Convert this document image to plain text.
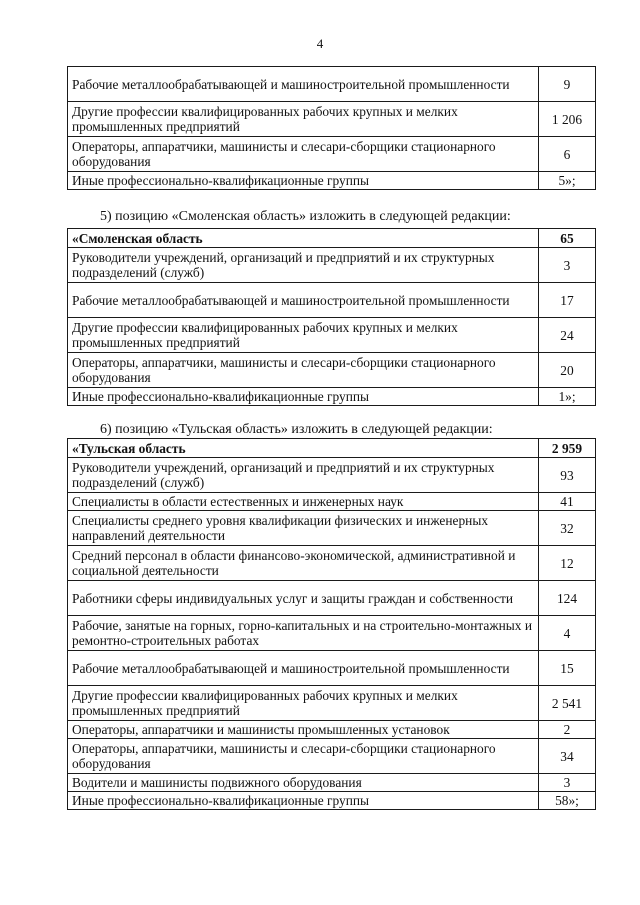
4
Рабочие металлообрабатывающей и машиностроительной промышленности	9
Другие профессии квалифицированных рабочих крупных и мелких промышленных предприятий	1 206
Операторы, аппаратчики, машинисты и слесари-сборщики стационарного оборудования	6
Иные профессионально-квалификационные группы	5»;
5) позицию «Смоленская область» изложить в следующей редакции:
«Смоленская область	65
Руководители учреждений, организаций и предприятий и их структурных подразделений (служб)	3
Рабочие металлообрабатывающей и машиностроительной промышленности	17
Другие профессии квалифицированных рабочих крупных и мелких промышленных предприятий	24
Операторы, аппаратчики, машинисты и слесари-сборщики стационарного оборудования	20
Иные профессионально-квалификационные группы	1»;
6) позицию «Тульская область» изложить в следующей редакции:
«Тульская область	2 959
Руководители учреждений, организаций и предприятий и их структурных подразделений (служб)	93
Специалисты в области естественных и инженерных наук	41
Специалисты среднего уровня квалификации физических и инженерных направлений деятельности	32
Средний персонал в области финансово-экономической, административной и социальной деятельности	12
Работники сферы индивидуальных услуг и защиты граждан и собственности	124
Рабочие, занятые на горных, горно-капитальных и на строительно-монтажных и ремонтно-строительных работах	4
Рабочие металлообрабатывающей и машиностроительной промышленности	15
Другие профессии квалифицированных рабочих крупных и мелких промышленных предприятий	2 541
Операторы, аппаратчики и машинисты промышленных установок	2
Операторы, аппаратчики, машинисты и слесари-сборщики стационарного оборудования	34
Водители и машинисты подвижного оборудования	3
Иные профессионально-квалификационные группы	58»;
